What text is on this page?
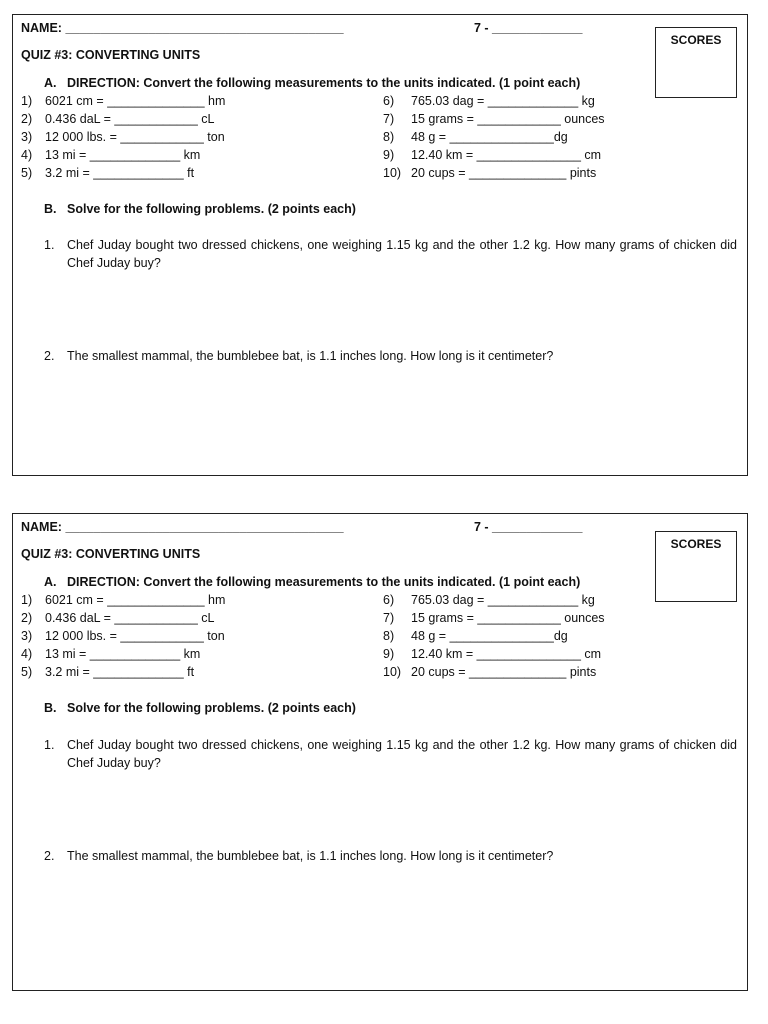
NAME: ________________________________________	7 - _____________
SCORES
QUIZ #3: CONVERTING UNITS
A. DIRECTION: Convert the following measurements to the units indicated. (1 point each)
1) 6021 cm = ______________ hm
2) 0.436 daL = ____________ cL
3) 12 000 lbs. = ____________ ton
4) 13 mi = _____________ km
5) 3.2 mi = _____________ ft
6) 765.03 dag = _____________ kg
7) 15 grams = ____________ ounces
8) 48 g = _______________dg
9) 12.40 km = _______________ cm
10) 20 cups = ______________ pints
B. Solve for the following problems. (2 points each)
1. Chef Juday bought two dressed chickens, one weighing 1.15 kg and the other 1.2 kg. How many grams of chicken did Chef Juday buy?
2. The smallest mammal, the bumblebee bat, is 1.1 inches long. How long is it centimeter?
NAME: ________________________________________	7 - _____________
SCORES
QUIZ #3: CONVERTING UNITS
A. DIRECTION: Convert the following measurements to the units indicated. (1 point each)
1) 6021 cm = ______________ hm
2) 0.436 daL = ____________ cL
3) 12 000 lbs. = ____________ ton
4) 13 mi = _____________ km
5) 3.2 mi = _____________ ft
6) 765.03 dag = _____________ kg
7) 15 grams = ____________ ounces
8) 48 g = _______________dg
9) 12.40 km = _______________ cm
10) 20 cups = ______________ pints
B. Solve for the following problems. (2 points each)
1. Chef Juday bought two dressed chickens, one weighing 1.15 kg and the other 1.2 kg. How many grams of chicken did Chef Juday buy?
2. The smallest mammal, the bumblebee bat, is 1.1 inches long. How long is it centimeter?
